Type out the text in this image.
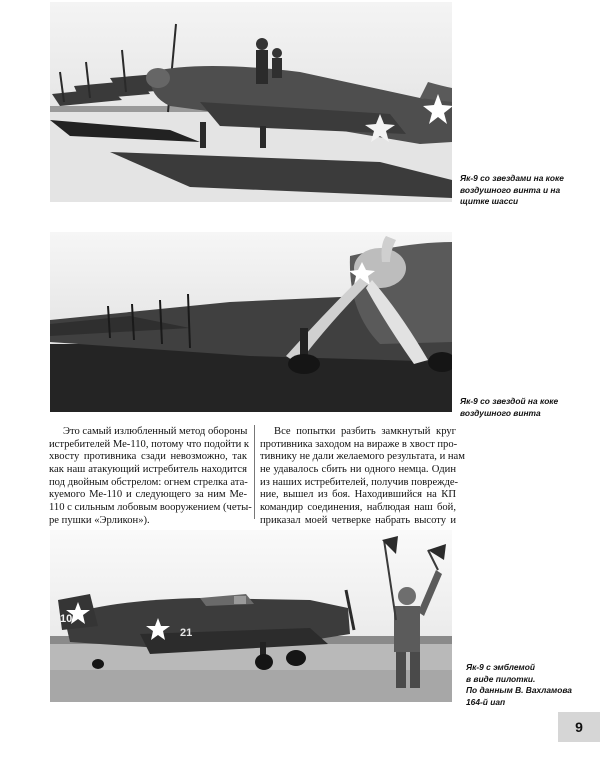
Як-9 со звездами на коке
воздушного винта и на
щитке шасси
Як-9 со звездой на коке
воздушного винта
Это самый излюбленный метод обороны
истребителей Ме-110, потому что подойти к
хвосту противника сзади невозможно, так
как наш атакующий истребитель находится
под двойным обстрелом: огнем стрелка ата-
куемого Ме-110 и следующего за ним Ме-
110 с сильным лобовым вооружением (четы-
ре пушки «Эрликон»).
Все попытки разбить замкнутый круг
противника заходом на вираже в хвост про-
тивнику не дали желаемого результата, и нам
не удавалось сбить ни одного немца. Один
из наших истребителей, получив поврежде-
ние, вышел из боя. Находившийся на КП
командир соединения, наблюдая наш бой,
приказал моей четверке набрать высоту и
10
21
Як-9 с эмблемой
в виде пилотки.
По данным В. Вахламова
164-й иап
9
